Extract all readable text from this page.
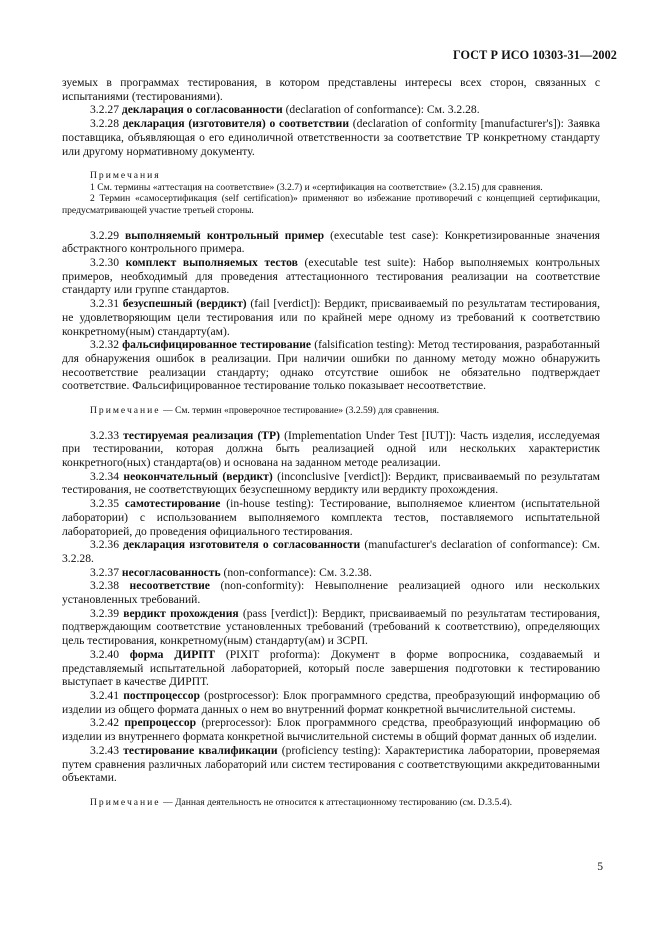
ГОСТ Р ИСО 10303-31—2002

зуемых в программах тестирования, в котором представлены интересы всех сторон, связанных с испытаниями (тестированиями).

3.2.27 декларация о согласованности (declaration of conformance): См. 3.2.28.

3.2.28 декларация (изготовителя) о соответствии (declaration of conformity [manufacturer's]): Заявка поставщика, объявляющая о его единоличной ответственности за соответствие ТР конкретному стандарту или другому нормативному документу.

Примечания

1 См. термины «аттестация на соответствие» (3.2.7) и «сертификация на соответствие» (3.2.15) для сравнения.

2 Термин «самосертификация (self certification)» применяют во избежание противоречий с концепцией сертификации, предусматривающей участие третьей стороны.

3.2.29 выполняемый контрольный пример (executable test case): Конкретизированные значения абстрактного контрольного примера.

3.2.30 комплект выполняемых тестов (executable test suite): Набор выполняемых контрольных примеров, необходимый для проведения аттестационного тестирования реализации на соответствие стандарту или группе стандартов.

3.2.31 безуспешный (вердикт) (fail [verdict]): Вердикт, присваиваемый по результатам тестирования, не удовлетворяющим цели тестирования или по крайней мере одному из требований к соответствию конкретному(ным) стандарту(ам).

3.2.32 фальсифицированное тестирование (falsification testing): Метод тестирования, разработанный для обнаружения ошибок в реализации. При наличии ошибки по данному методу можно обнаружить несоответствие реализации стандарту; однако отсутствие ошибок не обязательно подтверждает соответствие. Фальсифицированное тестирование только показывает несоответствие.

Примечание — См. термин «проверочное тестирование» (3.2.59) для сравнения.

3.2.33 тестируемая реализация (ТР) (Implementation Under Test [IUT]): Часть изделия, исследуемая при тестировании, которая должна быть реализацией одной или нескольких характеристик конкретного(ных) стандарта(ов) и основана на заданном методе реализации.

3.2.34 неокончательный (вердикт) (inconclusive [verdict]): Вердикт, присваиваемый по результатам тестирования, не соответствующих безуспешному вердикту или вердикту прохождения.

3.2.35 самотестирование (in-house testing): Тестирование, выполняемое клиентом (испытательной лаборатории) с использованием выполняемого комплекта тестов, поставляемого испытательной лабораторией, до проведения официального тестирования.

3.2.36 декларация изготовителя о согласованности (manufacturer's declaration of conformance): См. 3.2.28.

3.2.37 несогласованность (non-conformance): См. 3.2.38.

3.2.38 несоответствие (non-conformity): Невыполнение реализацией одного или нескольких установленных требований.

3.2.39 вердикт прохождения (pass [verdict]): Вердикт, присваиваемый по результатам тестирования, подтверждающим соответствие установленных требований (требований к соответствию), определяющих цель тестирования, конкретному(ным) стандарту(ам) и ЗСРП.

3.2.40 форма ДИРПТ (PIXIT proforma): Документ в форме вопросника, создаваемый и представляемый испытательной лабораторией, который после завершения подготовки к тестированию выступает в качестве ДИРПТ.

3.2.41 постпроцессор (postprocessor): Блок программного средства, преобразующий информацию об изделии из общего формата данных о нем во внутренний формат конкретной вычислительной системы.

3.2.42 препроцессор (preprocessor): Блок программного средства, преобразующий информацию об изделии из внутреннего формата конкретной вычислительной системы в общий формат данных об изделии.

3.2.43 тестирование квалификации (proficiency testing): Характеристика лаборатории, проверяемая путем сравнения различных лабораторий или систем тестирования с соответствующими аккредитованными объектами.

Примечание — Данная деятельность не относится к аттестационному тестированию (см. D.3.5.4).

5
